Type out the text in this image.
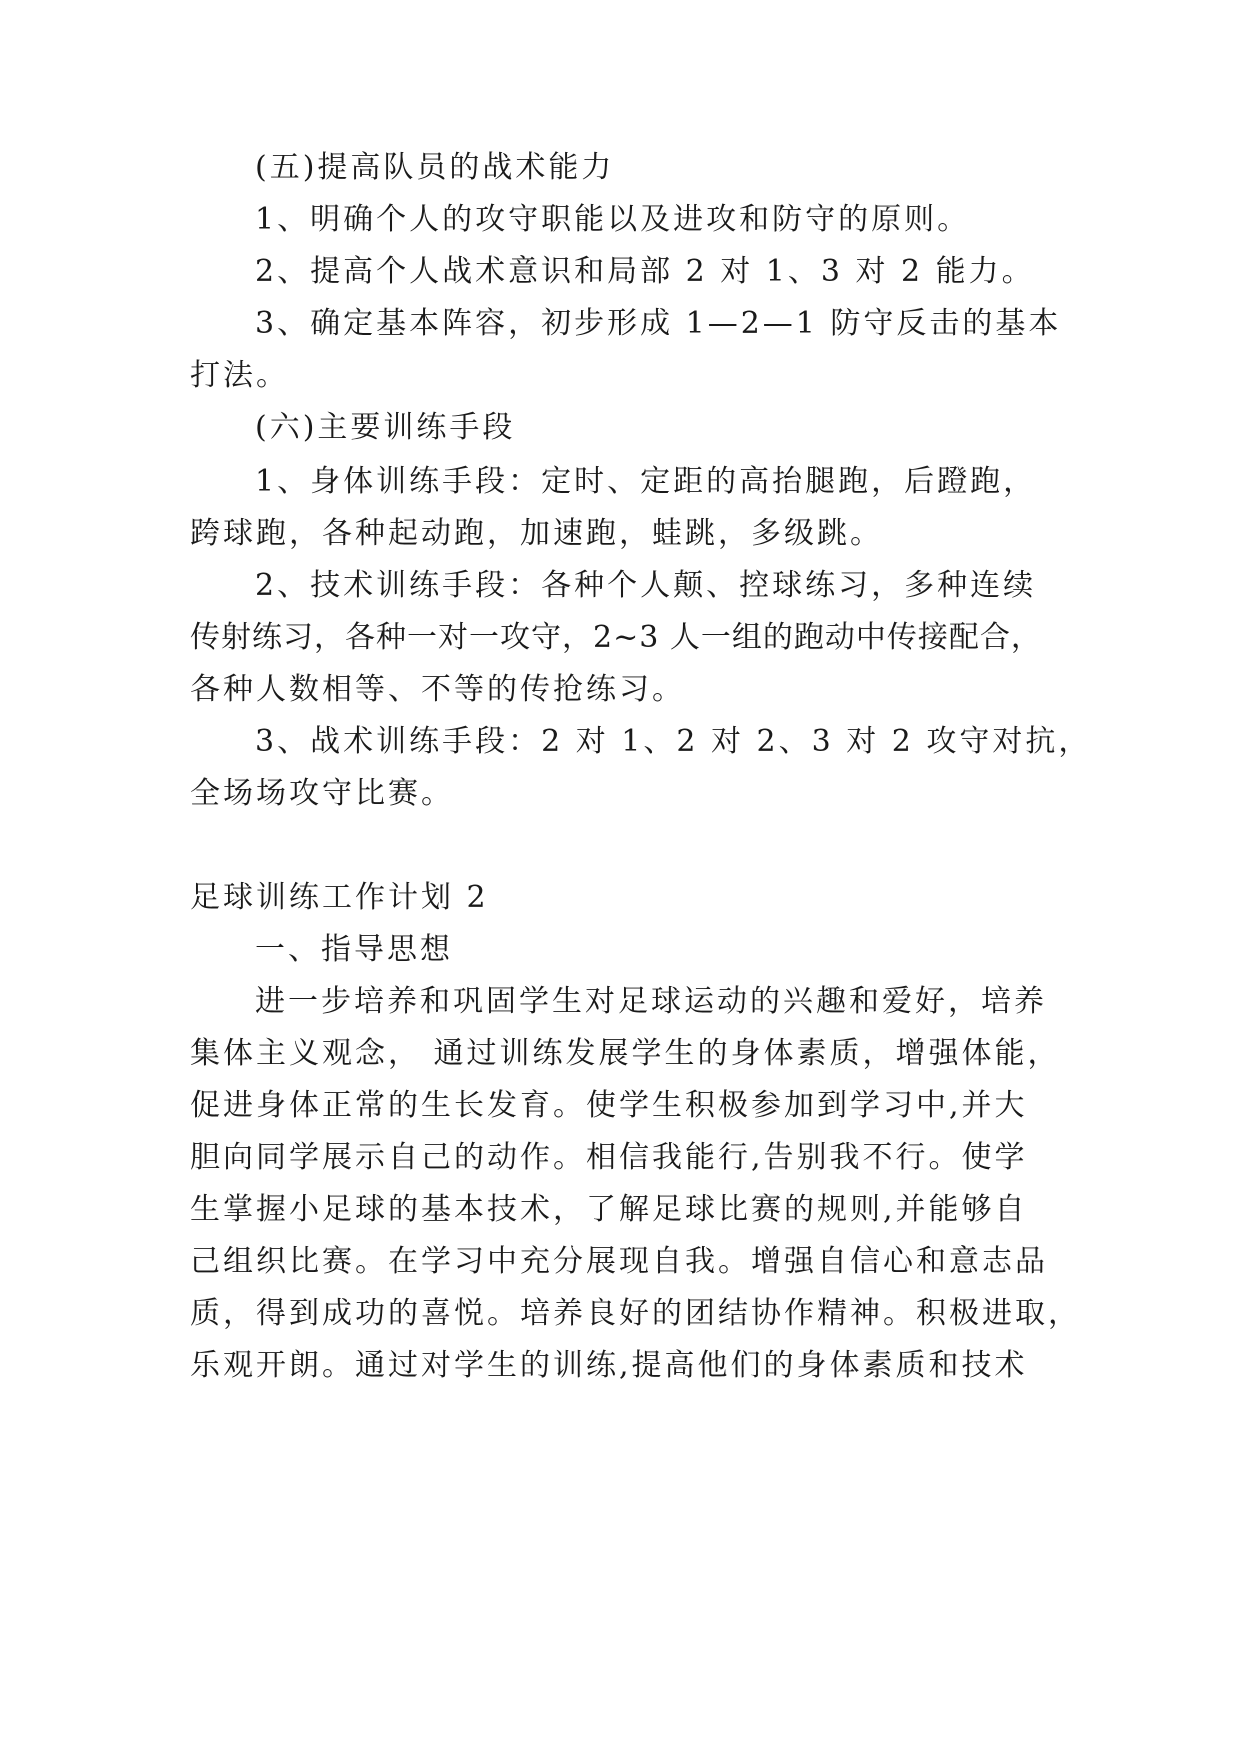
(五)提高队员的战术能力
1、明确个人的攻守职能以及进攻和防守的原则。
2、提高个人战术意识和局部 2 对 1、3 对 2 能力。
3、确定基本阵容，初步形成 1—2—1 防守反击的基本
打法。
(六)主要训练手段
1、身体训练手段：定时、定距的高抬腿跑，后蹬跑，
跨球跑，各种起动跑，加速跑，蛙跳，多级跳。
2、技术训练手段：各种个人颠、控球练习，多种连续
传射练习，各种一对一攻守，2~3 人一组的跑动中传接配合，
各种人数相等、不等的传抢练习。
3、战术训练手段：2 对 1、2 对 2、3 对 2 攻守对抗，
全场场攻守比赛。
足球训练工作计划 2
一、指导思想
进一步培养和巩固学生对足球运动的兴趣和爱好，培养
集体主义观念， 通过训练发展学生的身体素质，增强体能，
促进身体正常的生长发育。使学生积极参加到学习中,并大
胆向同学展示自己的动作。相信我能行,告别我不行。使学
生掌握小足球的基本技术，了解足球比赛的规则,并能够自
己组织比赛。在学习中充分展现自我。增强自信心和意志品
质，得到成功的喜悦。培养良好的团结协作精神。积极进取，
乐观开朗。通过对学生的训练,提高他们的身体素质和技术
